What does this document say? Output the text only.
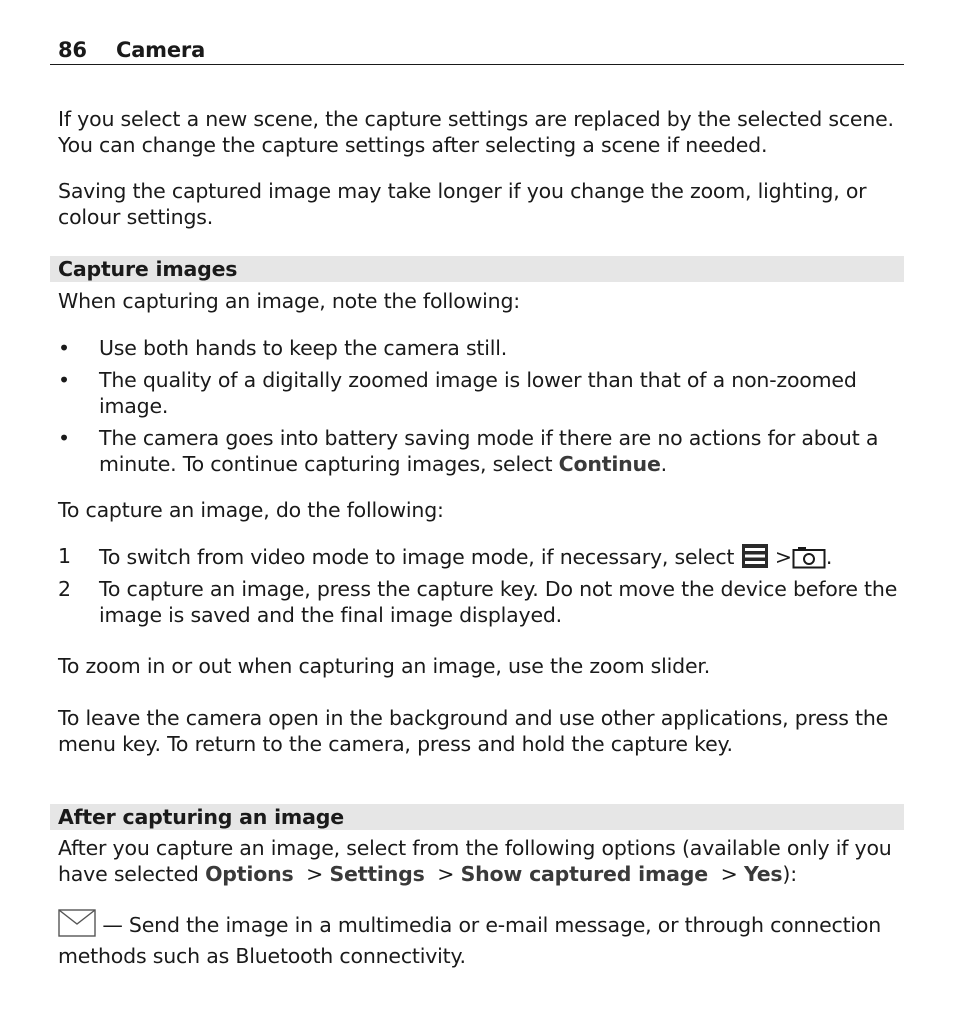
86 Camera

If you select a new scene, the capture settings are replaced by the selected scene. You can change the capture settings after selecting a scene if needed.

Saving the captured image may take longer if you change the zoom, lighting, or colour settings.

Capture images

When capturing an image, note the following:

• Use both hands to keep the camera still.
• The quality of a digitally zoomed image is lower than that of a non-zoomed image.
• The camera goes into battery saving mode if there are no actions for about a minute. To continue capturing images, select Continue.

To capture an image, do the following:

1 To switch from video mode to image mode, if necessary, select > .
2 To capture an image, press the capture key. Do not move the device before the image is saved and the final image displayed.

To zoom in or out when capturing an image, use the zoom slider.

To leave the camera open in the background and use other applications, press the menu key. To return to the camera, press and hold the capture key.

After capturing an image

After you capture an image, select from the following options (available only if you have selected Options > Settings > Show captured image > Yes):

— Send the image in a multimedia or e-mail message, or through connection methods such as Bluetooth connectivity.
